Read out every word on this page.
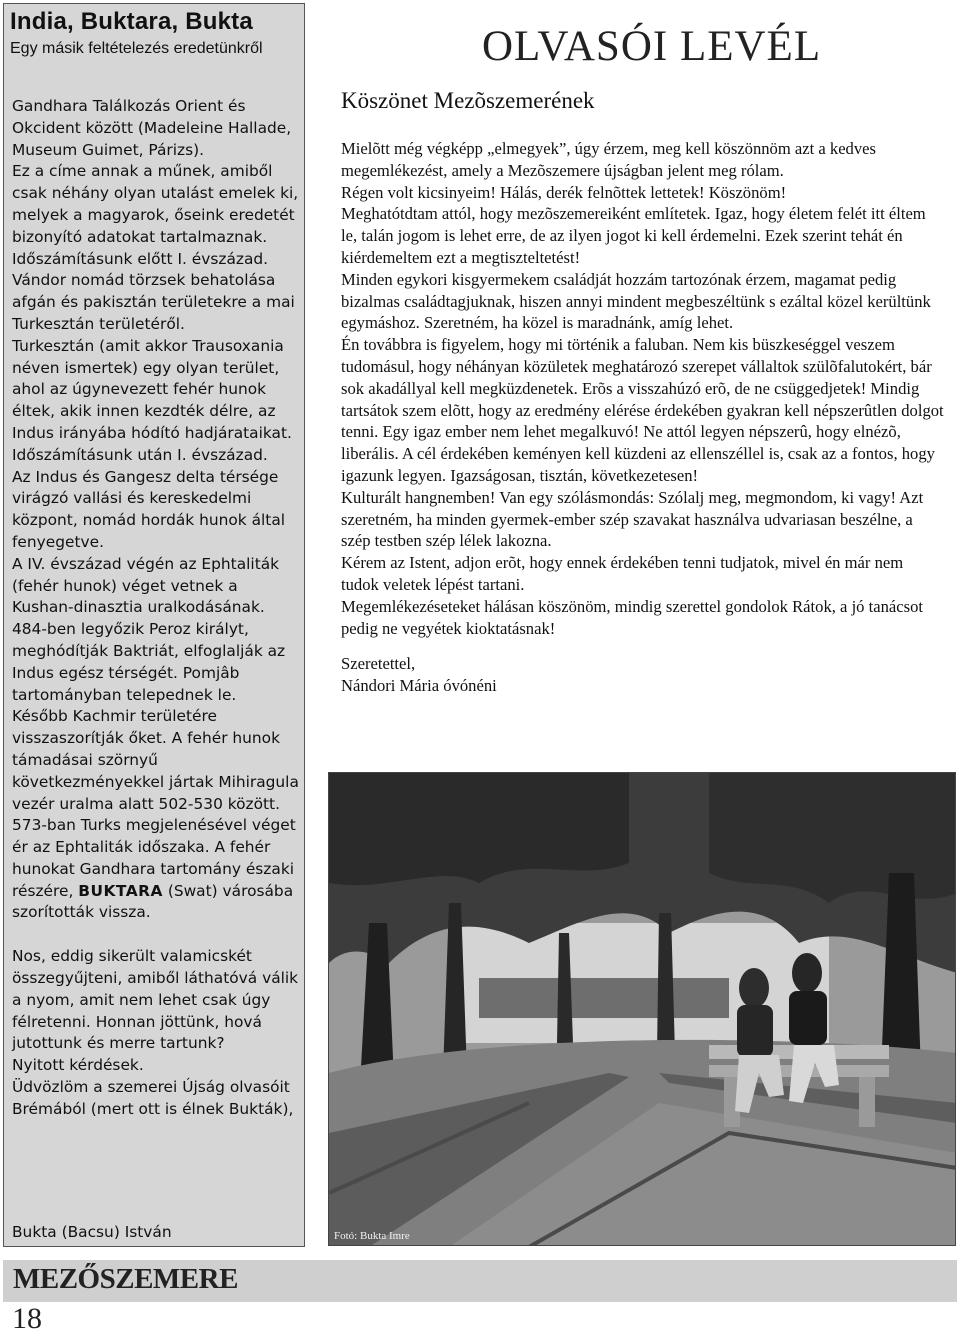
India, Buktara, Bukta
Egy másik feltételezés eredetünkről

Gandhara Találkozás Orient és Okcident között (Madeleine Hallade, Museum Guimet, Párizs).

Ez a címe annak a műnek, amiből csak néhány olyan utalást emelek ki, melyek a magyarok, őseink eredetét bizonyító adatokat tartalmaznak.

Időszámításunk előtt I. évszázad.

Vándor nomád törzsek behatolása afgán és pakisztán területekre a mai Turkesztán területéről.

Turkesztán (amit akkor Trausoxania néven ismertek) egy olyan terület, ahol az úgynevezett fehér hunok éltek, akik innen kezdték délre, az Indus irányába hódító hadjárataikat.

Időszámításunk után I. évszázad.

Az Indus és Gangesz delta térsége virágzó vallási és kereskedelmi központ, nomád hordák hunok által fenyegetve.

A IV. évszázad végén az Ephtaliták (fehér hunok) véget vetnek a Kushan-dinasztia uralkodásának.

484-ben legyőzik Peroz királyt, meghódítják Baktriát, elfoglalják az Indus egész térségét. Pomjâb tartományban telepednek le.

Később Kachmir területére visszaszorítják őket. A fehér hunok támadásai szörnyű következményekkel jártak Mihiragula vezér uralma alatt 502-530 között. 573-ban Turks megjelenésével véget ér az Ephtaliták időszaka. A fehér hunokat Gandhara tartomány északi részére, BUKTARA (Swat) városába szorították vissza.

Nos, eddig sikerült valamicskét összegyűjteni, amiből láthatóvá válik a nyom, amit nem lehet csak úgy félretenni. Honnan jöttünk, hová jutottunk és merre tartunk?

Nyitott kérdések.

Üdvözlöm a szemerei Újság olvasóit Brémából (mert ott is élnek Bukták),

Bukta (Bacsu) István
OLVASÓI LEVÉL
Köszönet Mezõszemerének

Mielõtt még végképp „elmegyek”, úgy érzem, meg kell köszönnöm azt a kedves megemlékezést, amely a Mezõszemere újságban jelent meg rólam.

Régen volt kicsinyeim! Hálás, derék felnõttek lettetek! Köszönöm!

Meghatótdtam attól, hogy mezõszemereiként említetek. Igaz, hogy életem felét itt éltem le, talán jogom is lehet erre, de az ilyen jogot ki kell érdemelni. Ezek szerint tehát én kiérdemeltem ezt a megtiszteltetést!

Minden egykori kisgyermekem családját hozzám tartozónak érzem, magamat pedig bizalmas családtagjuknak, hiszen annyi mindent megbeszéltünk s ezáltal közel kerültünk egymáshoz. Szeretném, ha közel is maradnánk, amíg lehet.

Én továbbra is figyelem, hogy mi történik a faluban. Nem kis büszkeséggel veszem tudomásul, hogy néhányan közületek meghatározó szerepet vállaltok szülõfalutokért, bár sok akadállyal kell megküzdenetek. Erõs a visszahúzó erõ, de ne csüggedjetek! Mindig tartsátok szem elõtt, hogy az eredmény elérése érdekében gyakran kell népszerûtlen dolgot tenni. Egy igaz ember nem lehet megalkuvó! Ne attól legyen népszerû, hogy elnézõ, liberális. A cél érdekében keményen kell küzdeni az ellenszéllel is, csak az a fontos, hogy igazunk legyen. Igazságosan, tisztán, következetesen!

Kulturált hangnemben! Van egy szólásmondás: Szólalj meg, megmondom, ki vagy! Azt szeretném, ha minden gyermek-ember szép szavakat használva udvariasan beszélne, a szép testben szép lélek lakozna.

Kérem az Istent, adjon erõt, hogy ennek érdekében tenni tudjatok, mivel én már nem tudok veletek lépést tartani.

Megemlékezéseteket hálásan köszönöm, mindig szerettel gondolok Rátok, a jó tanácsot pedig ne vegyétek kioktatásnak!

Szeretettel,

Nándori Mária óvónéni

Fotó: Bukta Imre
MEZŐSZEMERE
18
